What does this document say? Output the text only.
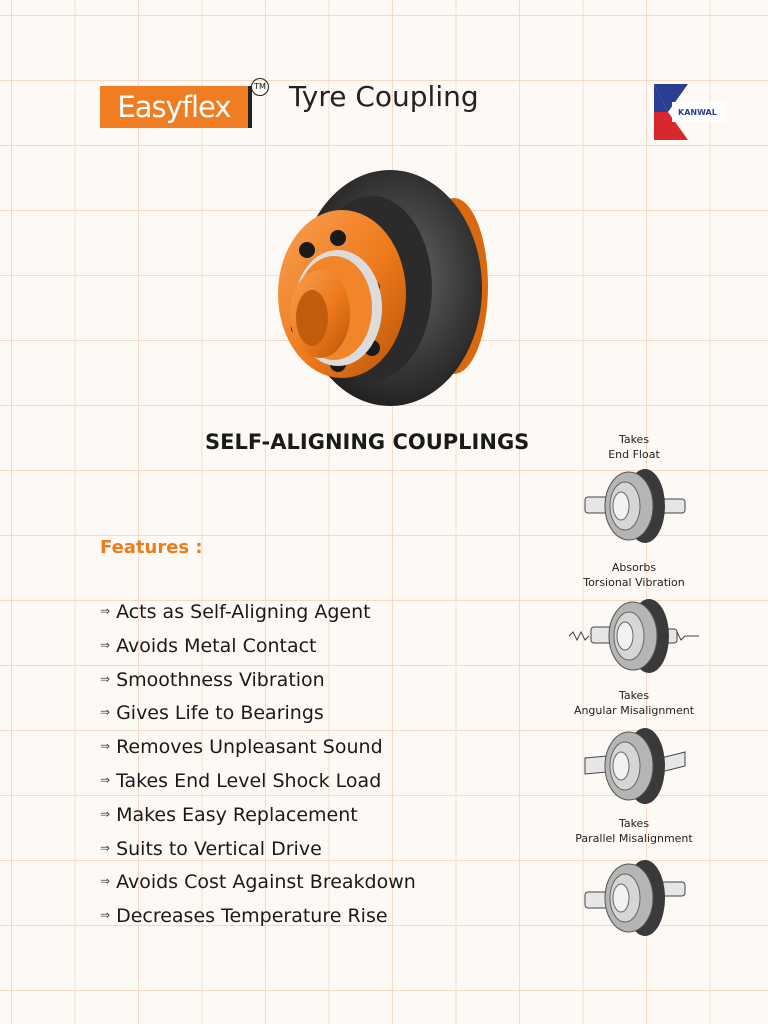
Easyflex
TM Tyre Coupling	KANWAL
SELF-ALIGNING COUPLINGS
Features :
⇒ Acts as Self-Aligning Agent
⇒ Avoids Metal Contact
⇒ Smoothness Vibration
⇒ Gives Life to Bearings
⇒ Removes Unpleasant Sound
⇒ Takes End Level Shock Load
⇒ Makes Easy Replacement
⇒ Suits to Vertical Drive
⇒ Avoids Cost Against Breakdown
⇒ Decreases Temperature Rise
Takes
End Float
Absorbs
Torsional Vibration
Takes
Angular Misalignment
Takes
Parallel Misalignment
